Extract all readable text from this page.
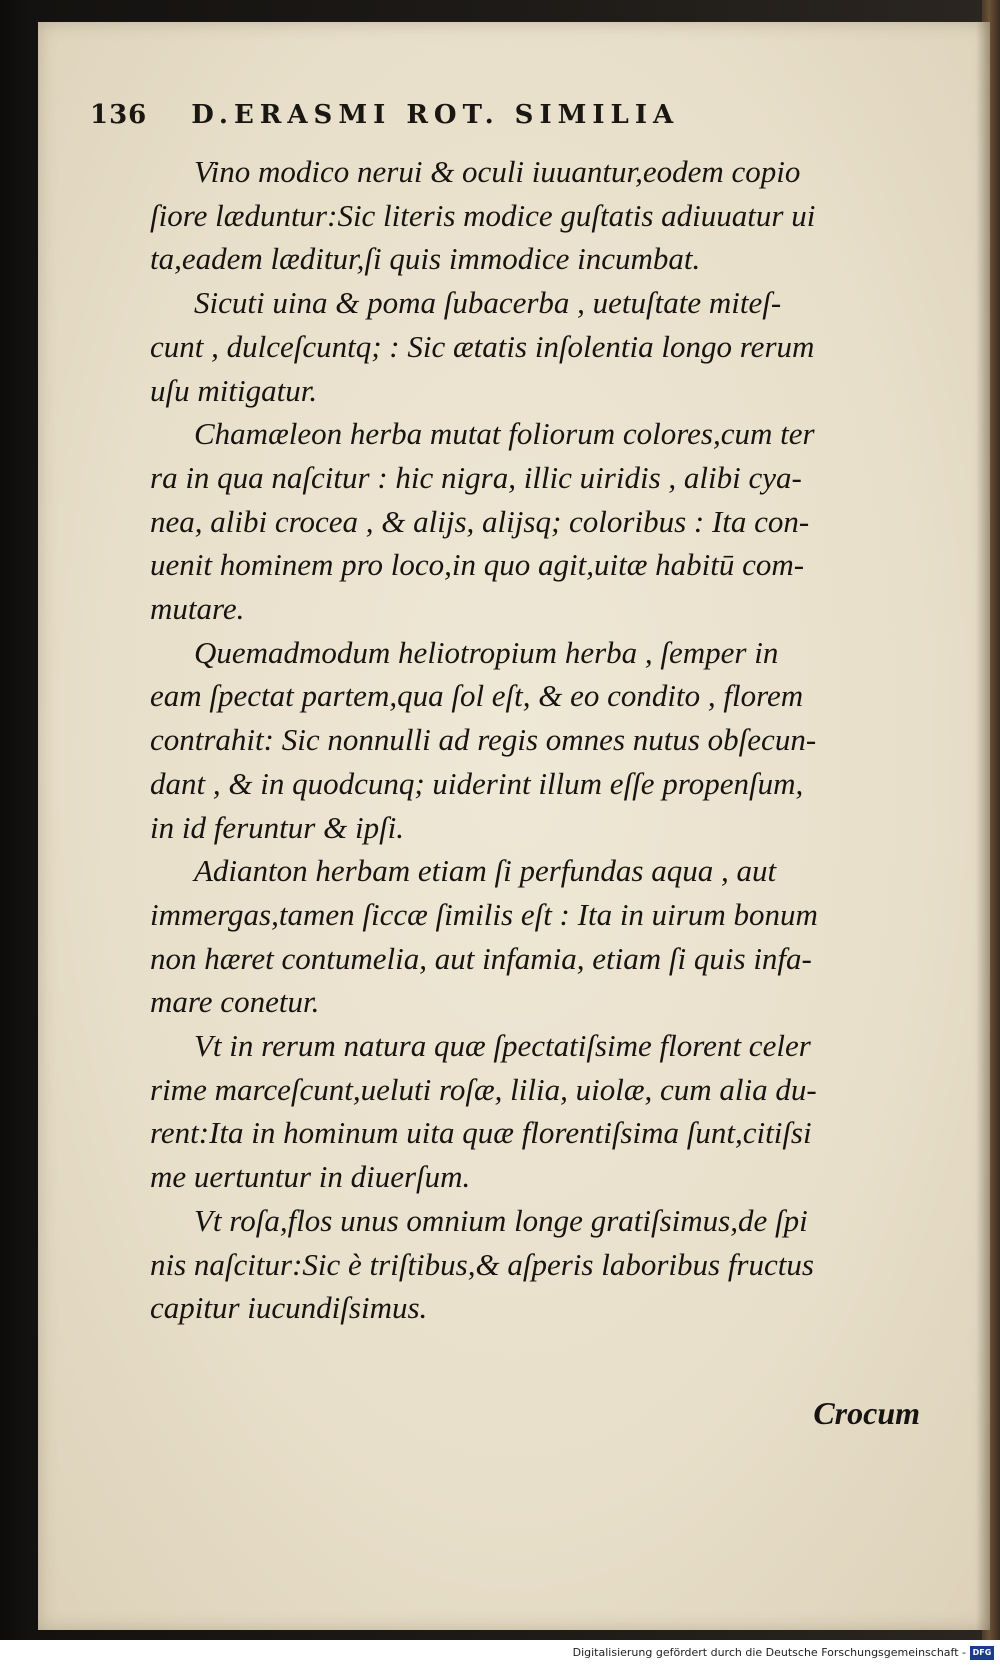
136 D.ERASMI ROT. SIMILIA
Vino modico nerui & oculi iuuantur,eodem copio
ſiore læduntur:Sic literis modice guſtatis adiuuatur ui
ta,eadem læditur,ſi quis immodice incumbat.
Sicuti uina & poma ſubacerba , uetuſtate miteſ-
cunt , dulceſcuntq; : Sic ætatis inſolentia longo rerum
uſu mitigatur.
Chamæleon herba mutat foliorum colores,cum ter
ra in qua naſcitur : hic nigra, illic uiridis , alibi cya-
nea, alibi crocea , & alijs, alijsq; coloribus : Ita con-
uenit hominem pro loco,in quo agit,uitæ habitū com-
mutare.
Quemadmodum heliotropium herba , ſemper in
eam ſpectat partem,qua ſol eſt, & eo condito , florem
contrahit: Sic nonnulli ad regis omnes nutus obſecun-
dant , & in quodcunq; uiderint illum eſſe propenſum,
in id feruntur & ipſi.
Adianton herbam etiam ſi perfundas aqua , aut
immergas,tamen ſiccæ ſimilis eſt : Ita in uirum bonum
non hæret contumelia, aut infamia, etiam ſi quis infa-
mare conetur.
Vt in rerum natura quæ ſpectatiſsime florent celer
rime marceſcunt,ueluti roſæ, lilia, uiolæ, cum alia du-
rent:Ita in hominum uita quæ florentiſsima ſunt,citiſsi
me uertuntur in diuerſum.
Vt roſa,flos unus omnium longe gratiſsimus,de ſpi
nis naſcitur:Sic è triſtibus,& aſperis laboribus fructus
capitur iucundiſsimus.
Crocum
Digitalisierung gefördert durch die Deutsche Forschungsgemeinschaft - DFG
